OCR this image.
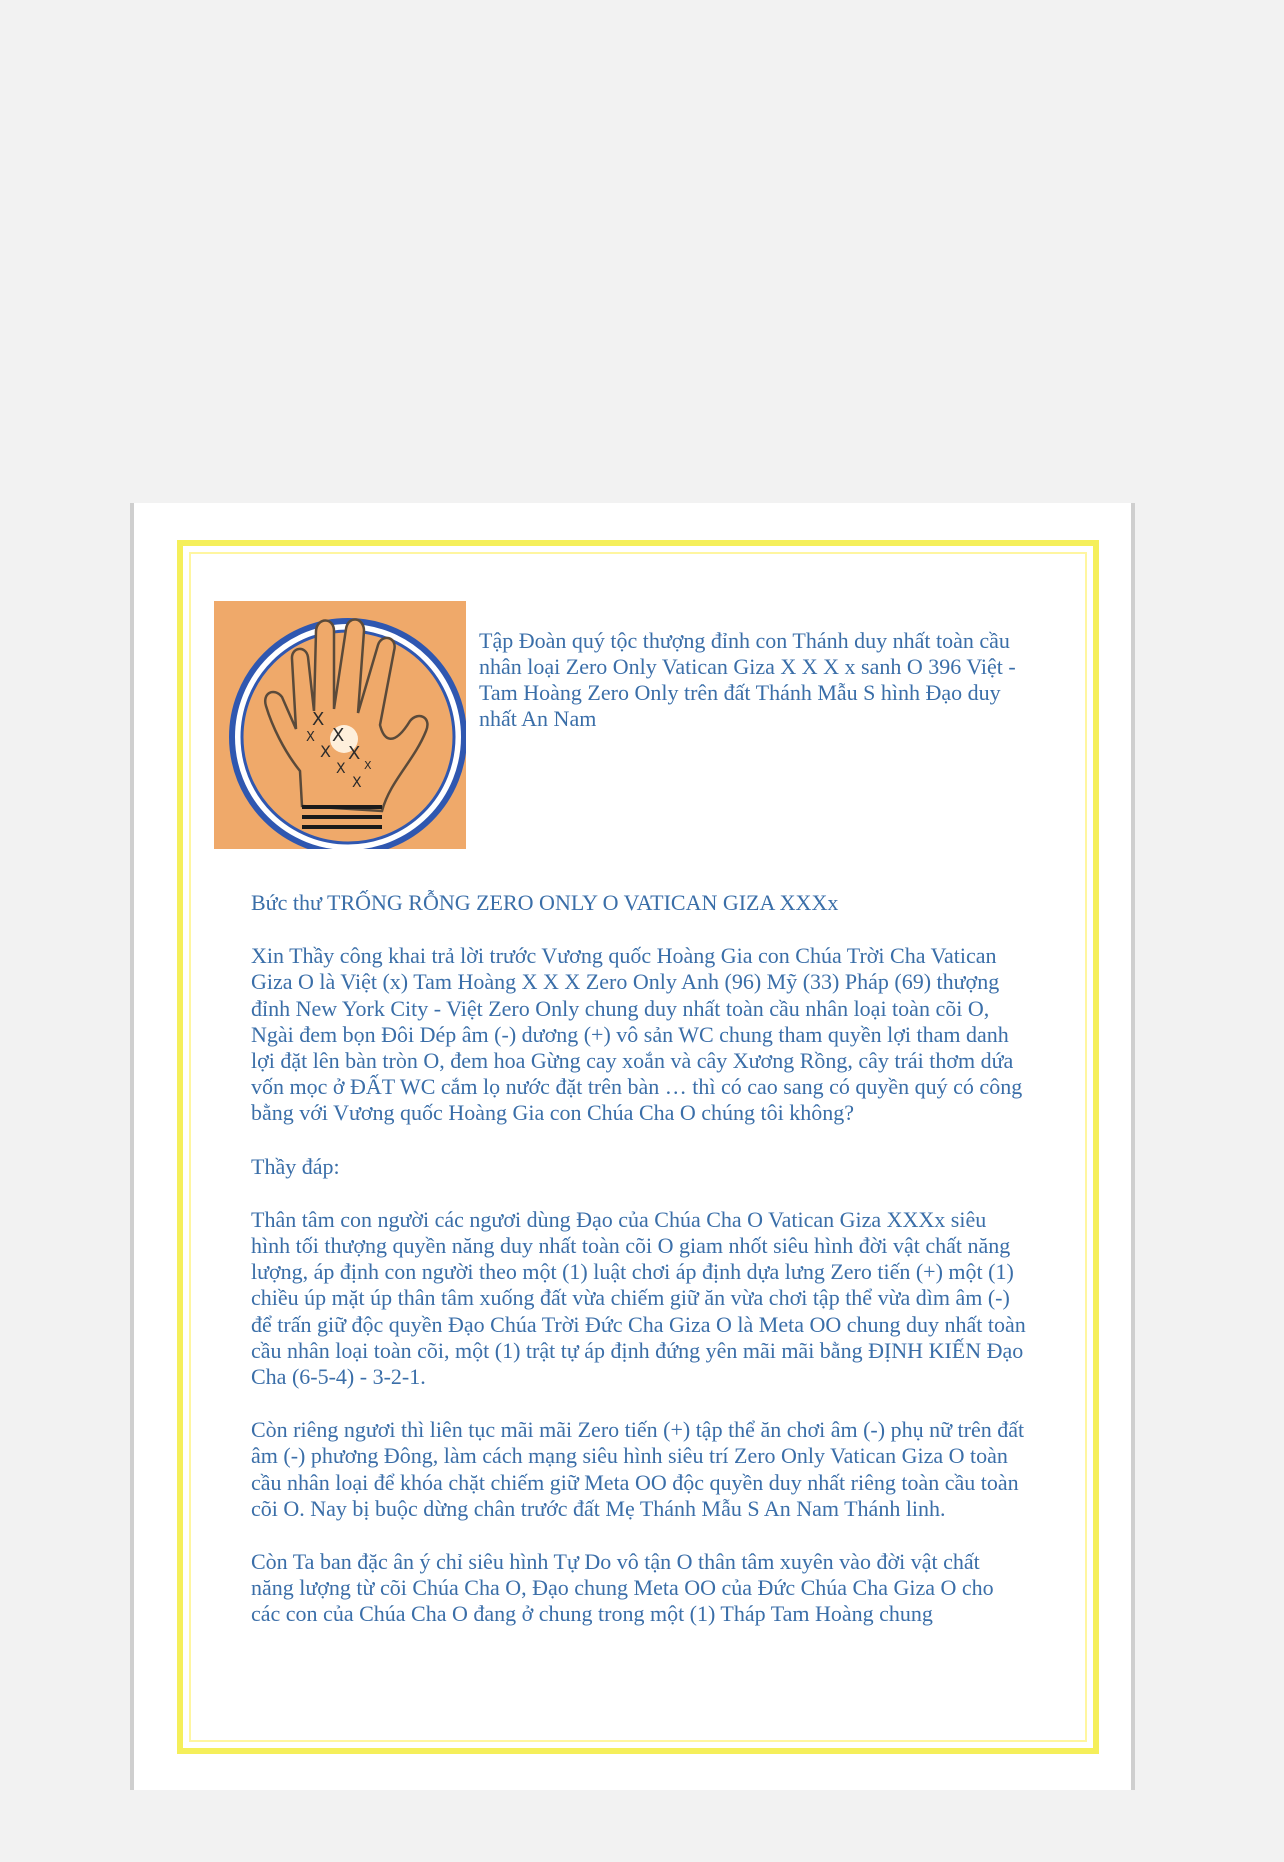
X
X X
X X
X X
X
Tập Đoàn quý tộc thượng đỉnh con Thánh duy nhất toàn cầu nhân loại Zero Only Vatican Giza X X X x sanh O 396 Việt - Tam Hoàng Zero Only trên đất Thánh Mẫu S hình Đạo duy nhất An Nam

Bức thư TRỐNG RỖNG ZERO ONLY O VATICAN GIZA XXXx

Xin Thầy công khai trả lời trước Vương quốc Hoàng Gia con Chúa Trời Cha Vatican Giza O là Việt (x) Tam Hoàng X X X Zero Only Anh (96) Mỹ (33) Pháp (69) thượng đỉnh New York City - Việt Zero Only chung duy nhất toàn cầu nhân loại toàn cõi O, Ngài đem bọn Đôi Dép âm (-) dương (+) vô sản WC chung tham quyền lợi tham danh lợi đặt lên bàn tròn O, đem hoa Gừng cay xoắn và cây Xương Rồng, cây trái thơm dứa vốn mọc ở ĐẤT WC cắm lọ nước đặt trên bàn … thì có cao sang có quyền quý có công bằng với Vương quốc Hoàng Gia con Chúa Cha O chúng tôi không?

Thầy đáp:

Thân tâm con người các ngươi dùng Đạo của Chúa Cha O Vatican Giza XXXx siêu hình tối thượng quyền năng duy nhất toàn cõi O giam nhốt siêu hình đời vật chất năng lượng, áp định con người theo một (1) luật chơi áp định dựa lưng Zero tiến (+) một (1) chiều úp mặt úp thân tâm xuống đất vừa chiếm giữ ăn vừa chơi tập thể vừa dìm âm (-) để trấn giữ độc quyền Đạo Chúa Trời Đức Cha Giza O là Meta OO chung duy nhất toàn cầu nhân loại toàn cõi, một (1) trật tự áp định đứng yên mãi mãi bằng ĐỊNH KIẾN Đạo Cha (6-5-4) - 3-2-1.

Còn riêng ngươi thì liên tục mãi mãi Zero tiến (+) tập thể ăn chơi âm (-) phụ nữ trên đất âm (-) phương Đông, làm cách mạng siêu hình siêu trí Zero Only Vatican Giza O toàn cầu nhân loại để khóa chặt chiếm giữ Meta OO độc quyền duy nhất riêng toàn cầu toàn cõi O. Nay bị buộc dừng chân trước đất Mẹ Thánh Mẫu S An Nam Thánh linh.

Còn Ta ban đặc ân ý chỉ siêu hình Tự Do vô tận O thân tâm xuyên vào đời vật chất năng lượng từ cõi Chúa Cha O, Đạo chung Meta OO của Đức Chúa Cha Giza O cho các con của Chúa Cha O đang ở chung trong một (1) Tháp Tam Hoàng chung
